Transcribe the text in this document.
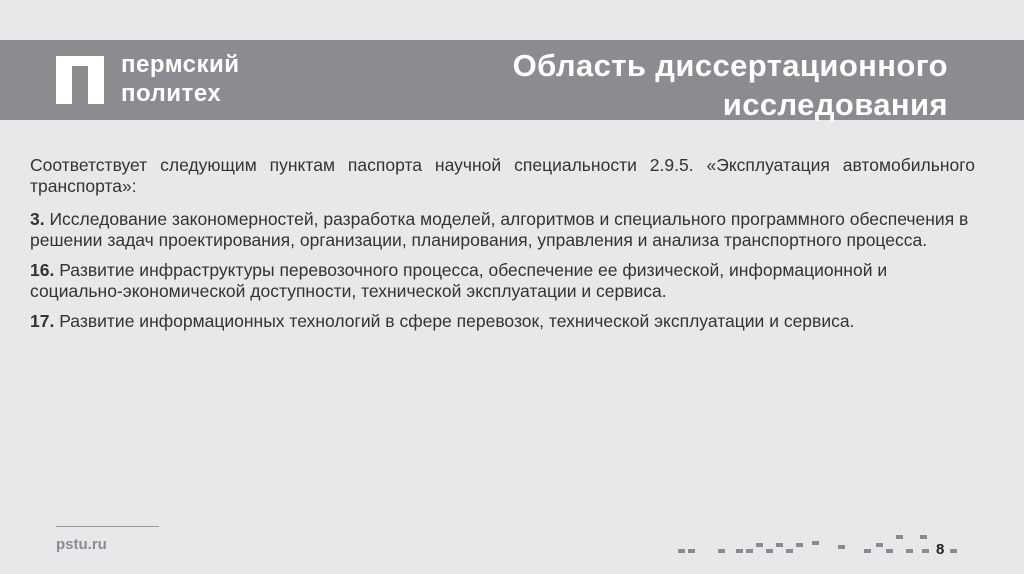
пермский
политех
Область диссертационного
исследования

Соответствует следующим пунктам паспорта научной специальности 2.9.5. «Эксплуатация автомобильного транспорта»:

3. Исследование закономерностей, разработка моделей, алгоритмов и специального программного обеспечения в решении задач проектирования, организации, планирования, управления и анализа транспортного процесса.

16. Развитие инфраструктуры перевозочного процесса, обеспечение ее физической, информационной и социально-экономической доступности, технической эксплуатации и сервиса.

17. Развитие информационных технологий в сфере перевозок, технической эксплуатации и сервиса.

pstu.ru	8
